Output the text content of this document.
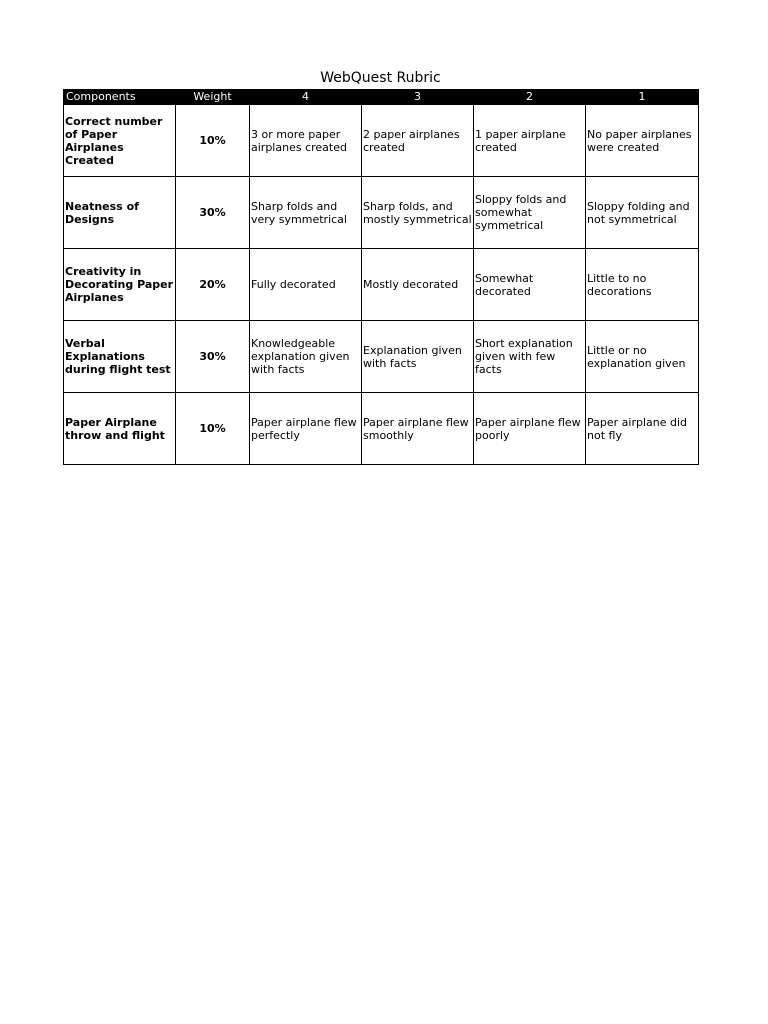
WebQuest Rubric
Components	Weight	4	3	2	1
Correct number of Paper Airplanes Created	10%	3 or more paper airplanes created	2 paper airplanes created	1 paper airplane created	No paper airplanes were created
Neatness of Designs	30%	Sharp folds and very symmetrical	Sharp folds, and mostly symmetrical	Sloppy folds and somewhat symmetrical	Sloppy folding and not symmetrical
Creativity in Decorating Paper Airplanes	20%	Fully decorated	Mostly decorated	Somewhat decorated	Little to no decorations
Verbal Explanations during flight test	30%	Knowledgeable explanation given with facts	Explanation given with facts	Short explanation given with few facts	Little or no explanation given
Paper Airplane throw and flight	10%	Paper airplane flew perfectly	Paper airplane flew smoothly	Paper airplane flew poorly	Paper airplane did not fly
